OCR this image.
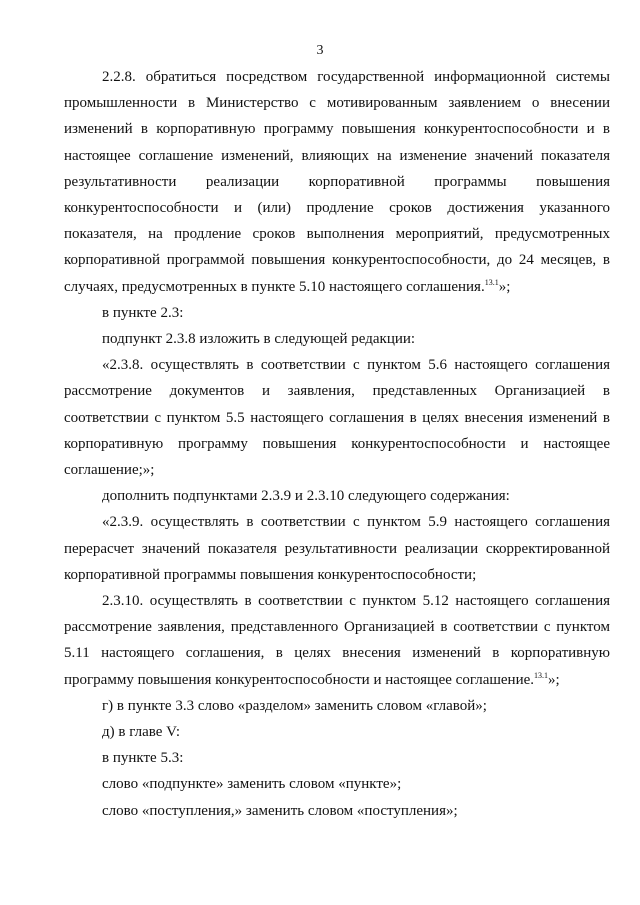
3

2.2.8. обратиться посредством государственной информационной системы промышленности в Министерство с мотивированным заявлением о внесении изменений в корпоративную программу повышения конкурентоспособности и в настоящее соглашение изменений, влияющих на изменение значений показателя результативности реализации корпоративной программы повышения конкурентоспособности и (или) продление сроков достижения указанного показателя, на продление сроков выполнения мероприятий, предусмотренных корпоративной программой повышения конкурентоспособности, до 24 месяцев, в случаях, предусмотренных в пункте 5.10 настоящего соглашения.$^{13.1}$»;

в пункте 2.3:

подпункт 2.3.8 изложить в следующей редакции:

«2.3.8. осуществлять в соответствии с пунктом 5.6 настоящего соглашения рассмотрение документов и заявления, представленных Организацией в соответствии с пунктом 5.5 настоящего соглашения в целях внесения изменений в корпоративную программу повышения конкурентоспособности и настоящее соглашение;»;

дополнить подпунктами 2.3.9 и 2.3.10 следующего содержания:

«2.3.9. осуществлять в соответствии с пунктом 5.9 настоящего соглашения перерасчет значений показателя результативности реализации скорректированной корпоративной программы повышения конкурентоспособности;

2.3.10. осуществлять в соответствии с пунктом 5.12 настоящего соглашения рассмотрение заявления, представленного Организацией в соответствии с пунктом 5.11 настоящего соглашения, в целях внесения изменений в корпоративную программу повышения конкурентоспособности и настоящее соглашение.$^{13.1}$»;

г) в пункте 3.3 слово «разделом» заменить словом «главой»;

д) в главе V:

в пункте 5.3:

слово «подпункте» заменить словом «пункте»;

слово «поступления,» заменить словом «поступления»;
